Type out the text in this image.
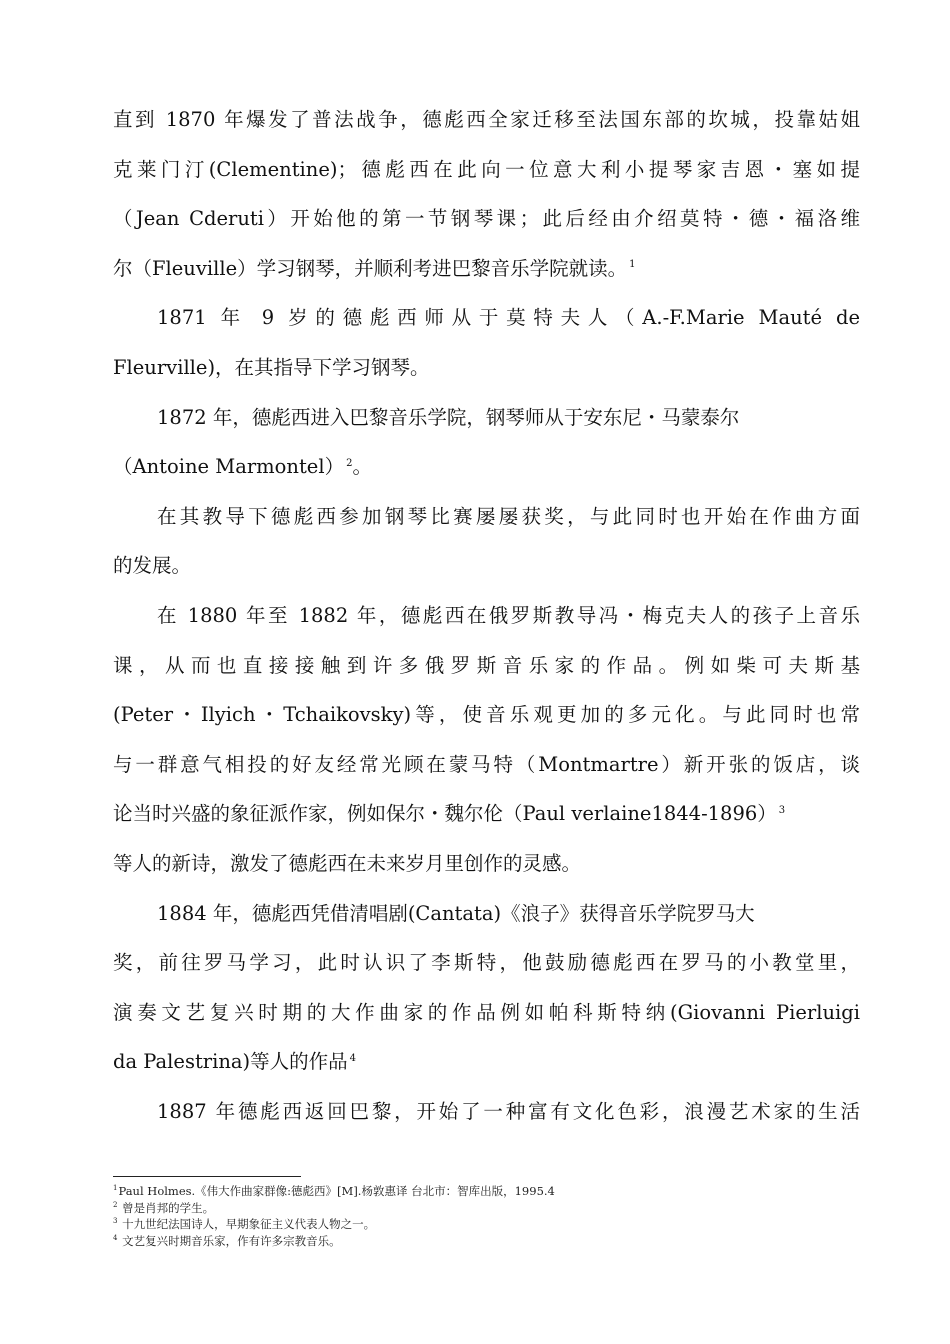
直到 1870 年爆发了普法战争，德彪西全家迁移至法国东部的坎城，投靠姑姐
克莱门汀(Clementine)；德彪西在此向一位意大利小提琴家吉恩・塞如提
（Jean Cderuti）开始他的第一节钢琴课；此后经由介绍莫特・德・福洛维
尔（Fleuville）学习钢琴，并顺利考进巴黎音乐学院就读。 $^1$
1871 年 9 岁的德彪西师从于莫特夫人（A.-F.Marie Mauté de
Fleurville)，在其指导下学习钢琴。
1872 年，德彪西进入巴黎音乐学院，钢琴师从于安东尼・马蒙泰尔
（Antoine Marmontel） $^2$。
在其教导下德彪西参加钢琴比赛屡屡获奖，与此同时也开始在作曲方面
的发展。
在 1880 年至 1882 年，德彪西在俄罗斯教导冯・梅克夫人的孩子上音乐
课，从而也直接接触到许多俄罗斯音乐家的作品。例如柴可夫斯基
(Peter・Ilyich・Tchaikovsky)等，使音乐观更加的多元化。与此同时也常
与一群意气相投的好友经常光顾在蒙马特（Montmartre）新开张的饭店，谈
论当时兴盛的象征派作家，例如保尔・魏尔伦（Paul verlaine1844-1896） $^3$
等人的新诗，激发了德彪西在未来岁月里创作的灵感。
1884 年，德彪西凭借清唱剧(Cantata)《浪子》获得音乐学院罗马大
奖，前往罗马学习，此时认识了李斯特，他鼓励德彪西在罗马的小教堂里，
演奏文艺复兴时期的大作曲家的作品例如帕科斯特纳(Giovanni Pierluigi
da Palestrina)等人的作品 $^4$
1887 年德彪西返回巴黎，开始了一种富有文化色彩，浪漫艺术家的生活
$^1$Paul Holmes.《伟大作曲家群像:德彪西》[M].杨敦惠译 台北市：智库出版，1995.4
$^2$ 曾是肖邦的学生。
$^3$ 十九世纪法国诗人，早期象征主义代表人物之一。
$^4$ 文艺复兴时期音乐家，作有许多宗教音乐。
